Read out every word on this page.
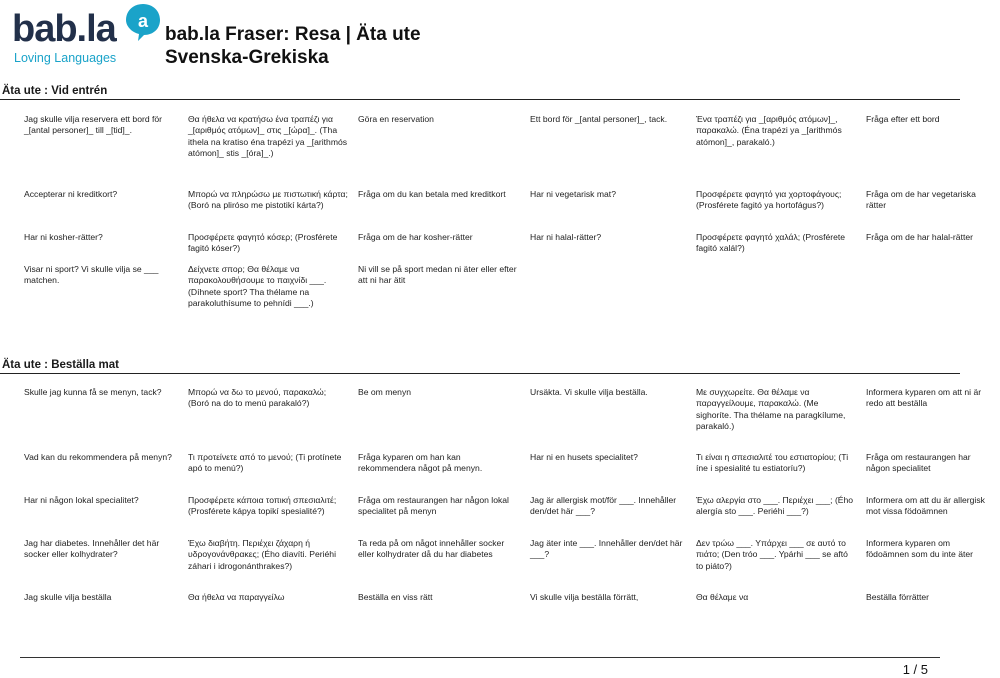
bab.la a
Loving Languages
bab.la Fraser: Resa | Äta ute
Svenska-Grekiska
Äta ute : Vid entrén
Jag skulle vilja reservera ett bord för _[antal personer]_ till _[tid]_.	Θα ήθελα να κρατήσω ένα τραπέζι για _[αριθμός ατόμων]_ στις _[ώρα]_. (Tha ithela na kratiso éna trapézi ya _[arithmós atómon]_ stis _[óra]_.)	Göra en reservation	Ett bord för _[antal personer]_, tack.	Ένα τραπέζι για _[αριθμός ατόμων]_, παρακαλώ. (Éna trapézi ya _[arithmós atómon]_, parakaló.)	Fråga efter ett bord
Accepterar ni kreditkort?	Μπορώ να πληρώσω με πιστωτική κάρτα; (Boró na pliróso me pistotikí kárta?)	Fråga om du kan betala med kreditkort	Har ni vegetarisk mat?	Προσφέρετε φαγητό για χορτοφάγους; (Prosférete fagitó ya hortofágus?)	Fråga om de har vegetariska rätter
Har ni kosher-rätter?	Προσφέρετε φαγητό κόσερ; (Prosférete fagitó kóser?)	Fråga om de har kosher-rätter	Har ni halal-rätter?	Προσφέρετε φαγητό χαλάλ; (Prosférete fagitó xalál?)	Fråga om de har halal-rätter
Visar ni sport? Vi skulle vilja se ___ matchen.	Δείχνετε σπορ; Θα θέλαμε να παρακολουθήσουμε το παιχνίδι ___. (Díhnete sport? Tha thélame na parakoluthísume to pehnídi ___.)	Ni vill se på sport medan ni äter eller efter att ni har ätit			
Äta ute : Beställa mat
Skulle jag kunna få se menyn, tack?	Μπορώ να δω το μενού, παρακαλώ; (Boró na do to menú parakaló?)	Be om menyn	Ursäkta. Vi skulle vilja beställa.	Με συγχωρείτε. Θα θέλαμε να παραγγείλουμε, παρακαλώ. (Me sighoríte. Tha thélame na paragkílume, parakaló.)	Informera kyparen om att ni är redo att beställa
Vad kan du rekommendera på menyn?	Τι προτείνετε από το μενού; (Ti protínete apó to menú?)	Fråga kyparen om han kan rekommendera något på menyn.	Har ni en husets specialitet?	Τι είναι η σπεσιαλιτέ του εστιατορίου; (Ti íne i spesialité tu estiatoríu?)	Fråga om restaurangen har någon specialitet
Har ni någon lokal specialitet?	Προσφέρετε κάποια τοπική σπεσιαλιτέ; (Prosférete kápya topikí spesialité?)	Fråga om restaurangen har någon lokal specialitet på menyn	Jag är allergisk mot/för ___. Innehåller den/det här ___?	Έχω αλεργία στο ___. Περιέχει ___; (Ého alergía sto ___. Periéhi ___?)	Informera om att du är allergisk mot vissa födoämnen
Jag har diabetes. Innehåller det här socker eller kolhydrater?	Έχω διαβήτη. Περιέχει ζάχαρη ή υδρογονάνθρακες; (Ého diavíti. Periéhi záhari i idrogonánthrakes?)	Ta reda på om något innehåller socker eller kolhydrater då du har diabetes	Jag äter inte ___. Innehåller den/det här ___?	Δεν τρώω ___. Υπάρχει ___ σε αυτό το πιάτο; (Den tróo ___. Ypárhi ___ se aftó to piáto?)	Informera kyparen om födoämnen som du inte äter
Jag skulle vilja beställa	Θα ήθελα να παραγγείλω	Beställa en viss rätt	Vi skulle vilja beställa förrätt,	Θα θέλαμε να	Beställa förrätter
1 / 5
